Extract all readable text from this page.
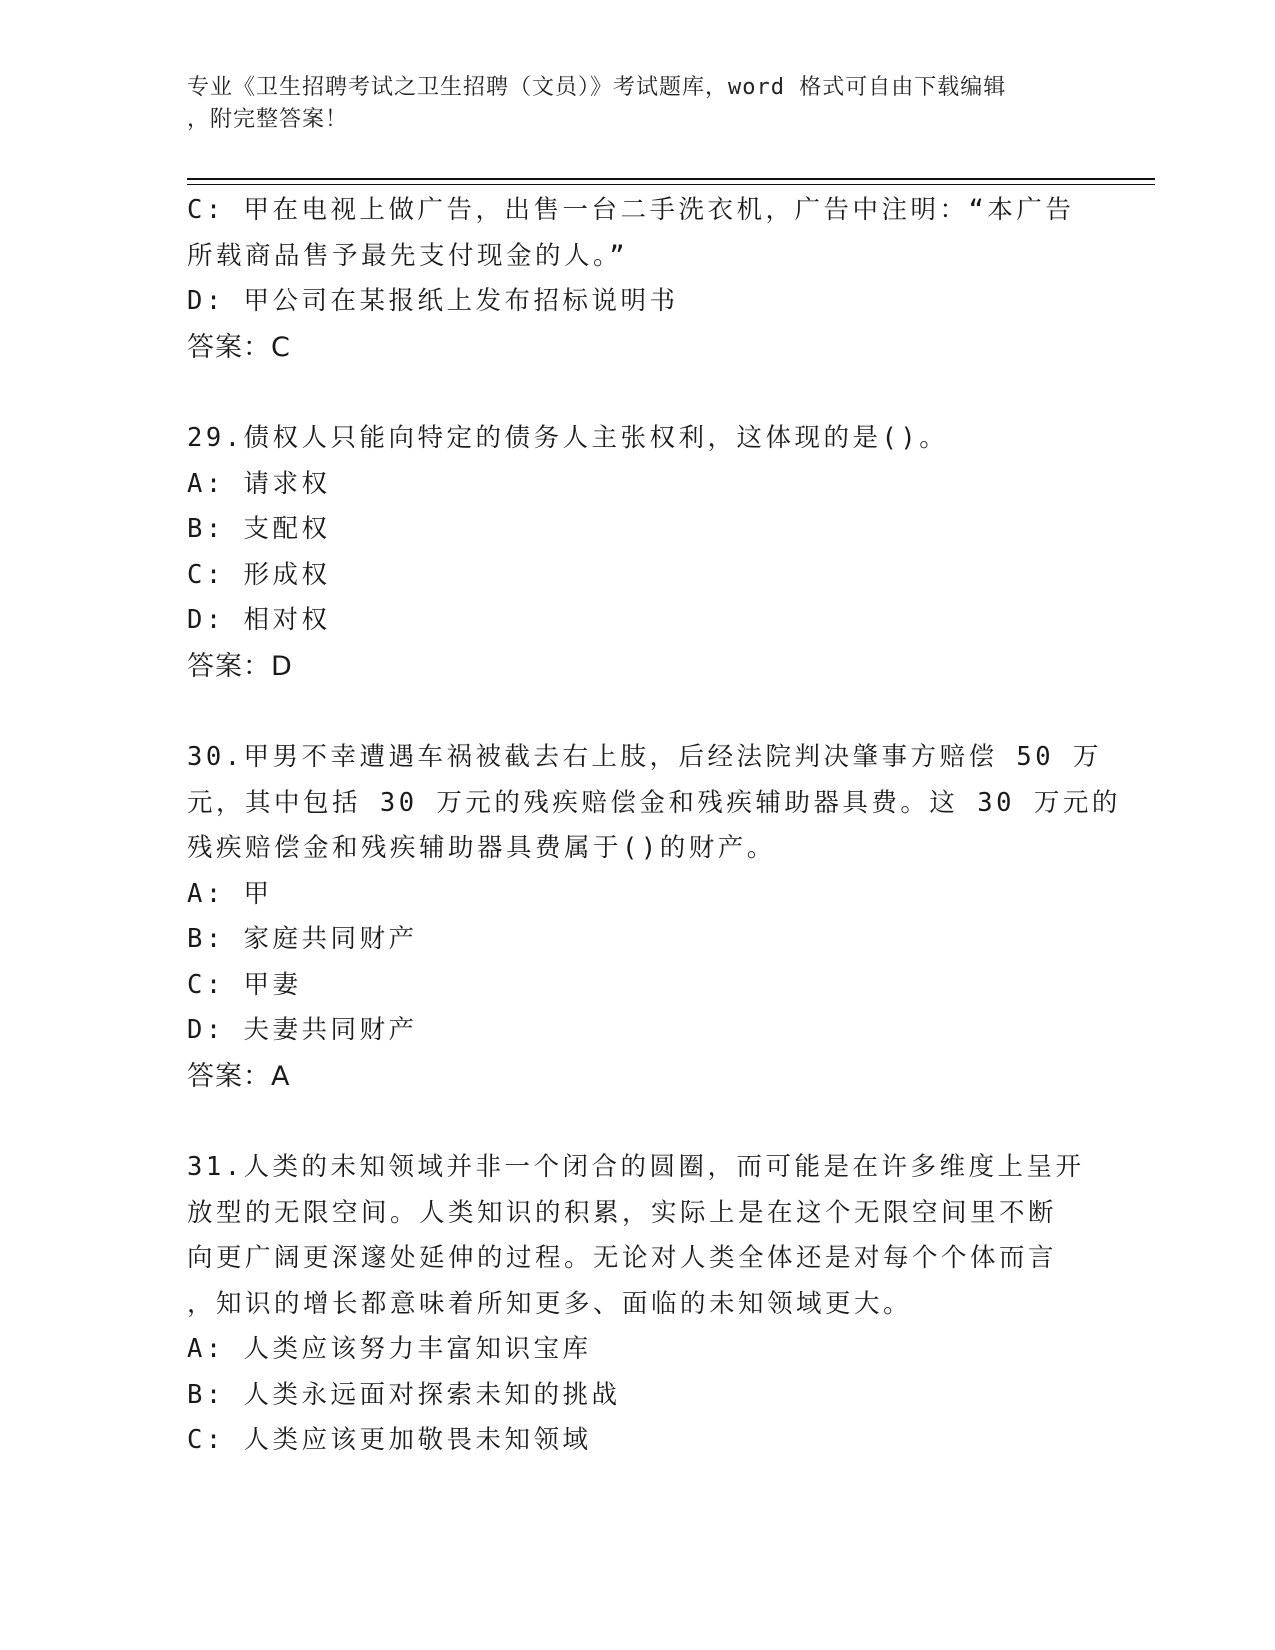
专业《卫生招聘考试之卫生招聘（文员）》考试题库，word 格式可自由下载编辑
，附完整答案！
C: 甲在电视上做广告，出售一台二手洗衣机，广告中注明：“本广告
所载商品售予最先支付现金的人。”
D: 甲公司在某报纸上发布招标说明书
答案：C
29.债权人只能向特定的债务人主张权利，这体现的是()。
A: 请求权
B: 支配权
C: 形成权
D: 相对权
答案：D
30.甲男不幸遭遇车祸被截去右上肢，后经法院判决肇事方赔偿 50 万
元，其中包括 30 万元的残疾赔偿金和残疾辅助器具费。这 30 万元的
残疾赔偿金和残疾辅助器具费属于()的财产。
A: 甲
B: 家庭共同财产
C: 甲妻
D: 夫妻共同财产
答案：A
31.人类的未知领域并非一个闭合的圆圈，而可能是在许多维度上呈开
放型的无限空间。人类知识的积累，实际上是在这个无限空间里不断
向更广阔更深邃处延伸的过程。无论对人类全体还是对每个个体而言
，知识的增长都意味着所知更多、面临的未知领域更大。
A: 人类应该努力丰富知识宝库
B: 人类永远面对探索未知的挑战
C: 人类应该更加敬畏未知领域
